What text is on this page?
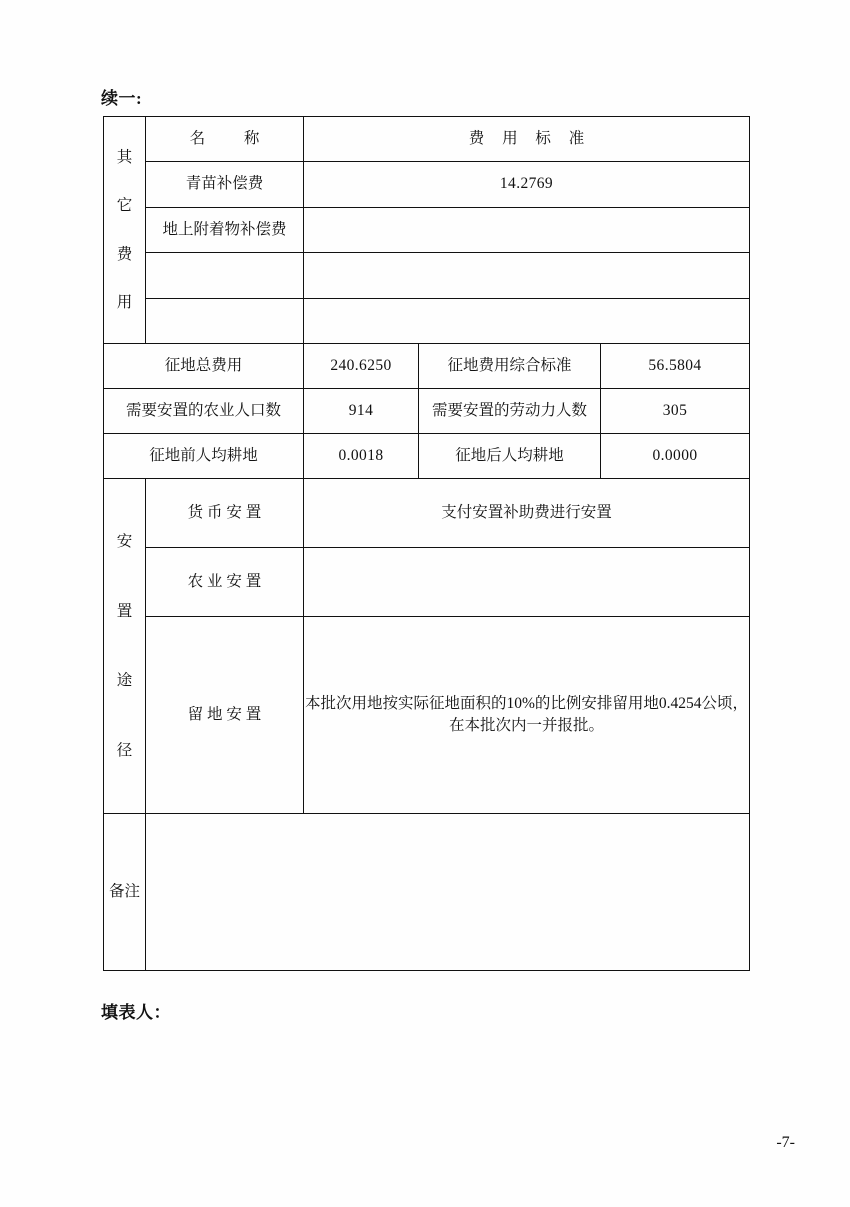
续一:
其
它
费
用	名　称	费 用 标 准		
	青苗补偿费	14.2769		
	地上附着物补偿费			

征地总费用		240.6250	征地费用综合标准	56.5804
需要安置的农业人口数		914	需要安置的劳动力人数	305
征地前人均耕地		0.0018	征地后人均耕地	0.0000

安
置
途
径	货 币 安 置	支付安置补助费进行安置		
	农 业 安 置			
	留 地 安 置	本批次用地按实际征地面积的10%的比例安排留用地0.4254公顷，在本批次内一并报批。		
备注				
填表人：
-7-
